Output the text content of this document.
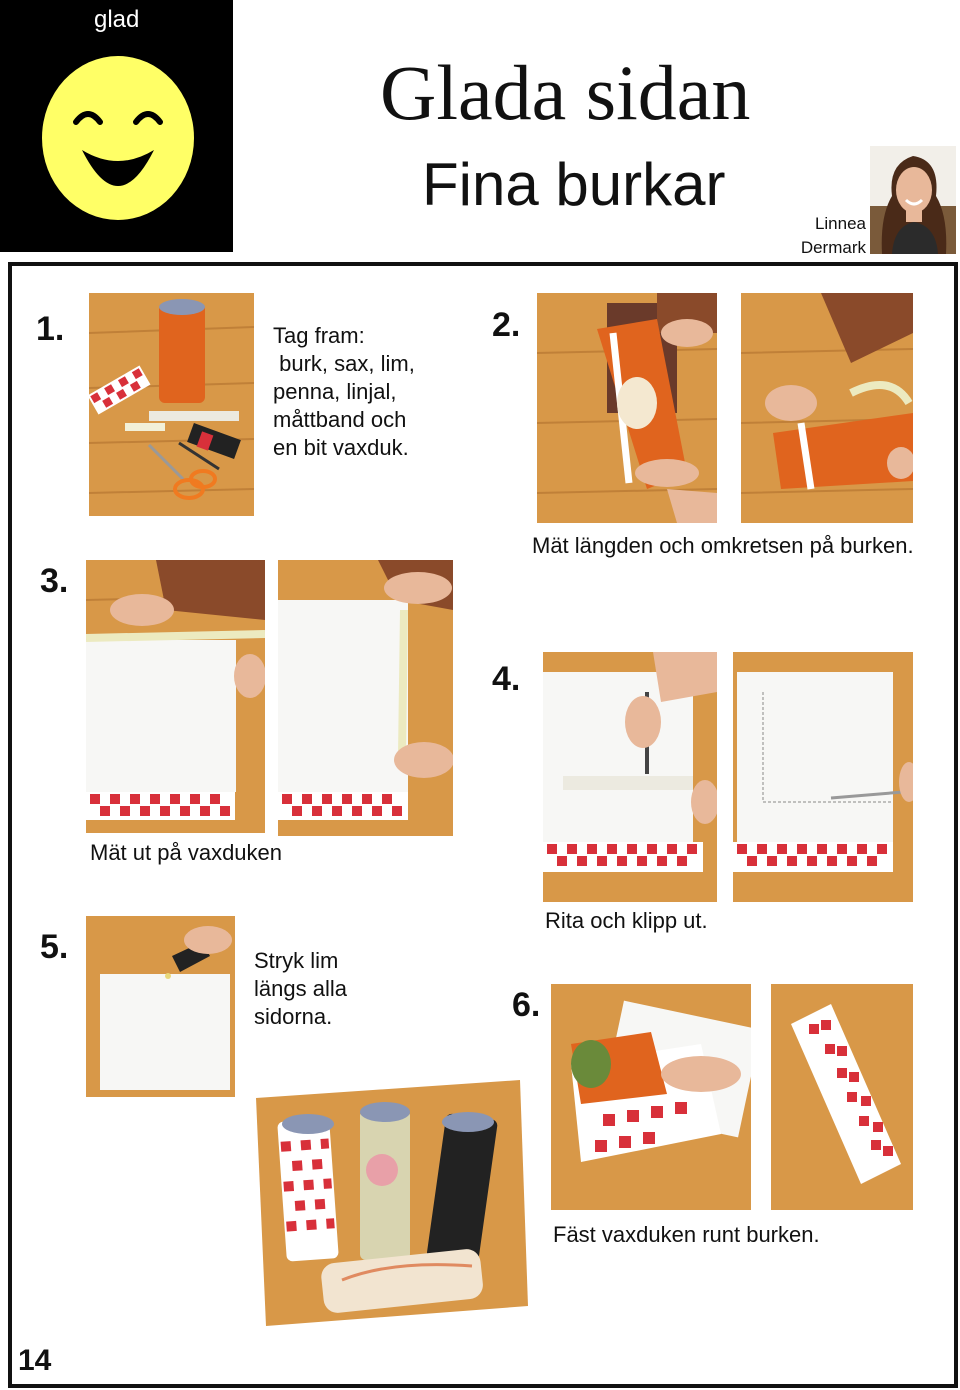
glad
Glada sidan
Fina burkar
Linnea
Dermark
1.	Tag fram:
burk, sax, lim,
penna, linjal,
måttband och
en bit vaxduk.
2.
Mät längden och omkretsen på burken.
3.
Mät ut på vaxduken
4.
Rita och klipp ut.
5.	Stryk lim
längs alla
sidorna.	6.
Fäst vaxduken runt burken.
14
